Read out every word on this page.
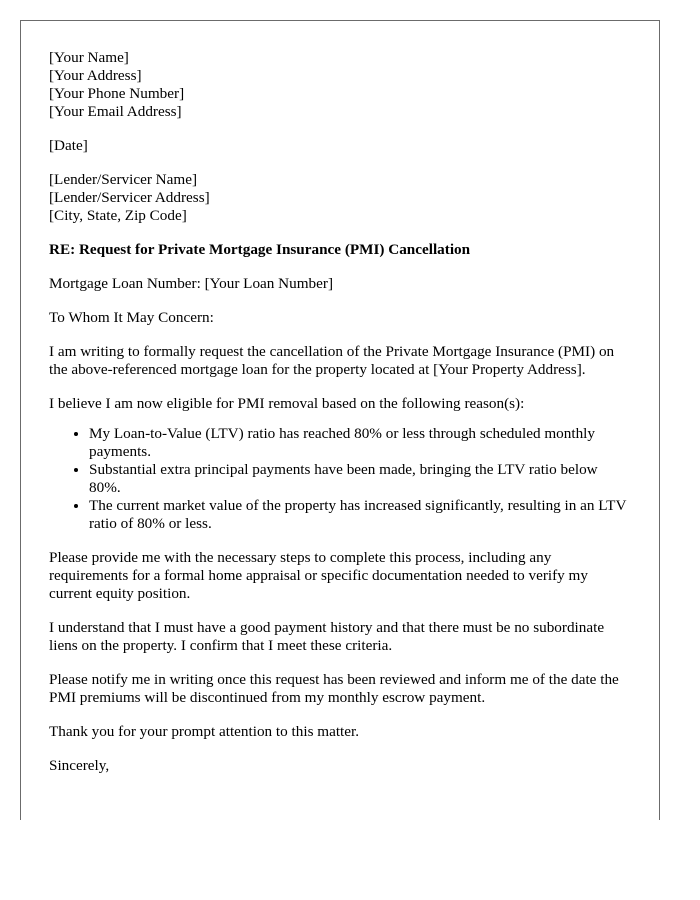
[Your Name]
[Your Address]
[Your Phone Number]
[Your Email Address]

[Date]

[Lender/Servicer Name]
[Lender/Servicer Address]
[City, State, Zip Code]

RE: Request for Private Mortgage Insurance (PMI) Cancellation

Mortgage Loan Number: [Your Loan Number]

To Whom It May Concern:

I am writing to formally request the cancellation of the Private Mortgage Insurance (PMI) on the above-referenced mortgage loan for the property located at [Your Property Address].

I believe I am now eligible for PMI removal based on the following reason(s):

• My Loan-to-Value (LTV) ratio has reached 80% or less through scheduled monthly payments.
• Substantial extra principal payments have been made, bringing the LTV ratio below 80%.
• The current market value of the property has increased significantly, resulting in an LTV ratio of 80% or less.

Please provide me with the necessary steps to complete this process, including any requirements for a formal home appraisal or specific documentation needed to verify my current equity position.

I understand that I must have a good payment history and that there must be no subordinate liens on the property. I confirm that I meet these criteria.

Please notify me in writing once this request has been reviewed and inform me of the date the PMI premiums will be discontinued from my monthly escrow payment.

Thank you for your prompt attention to this matter.

Sincerely,
